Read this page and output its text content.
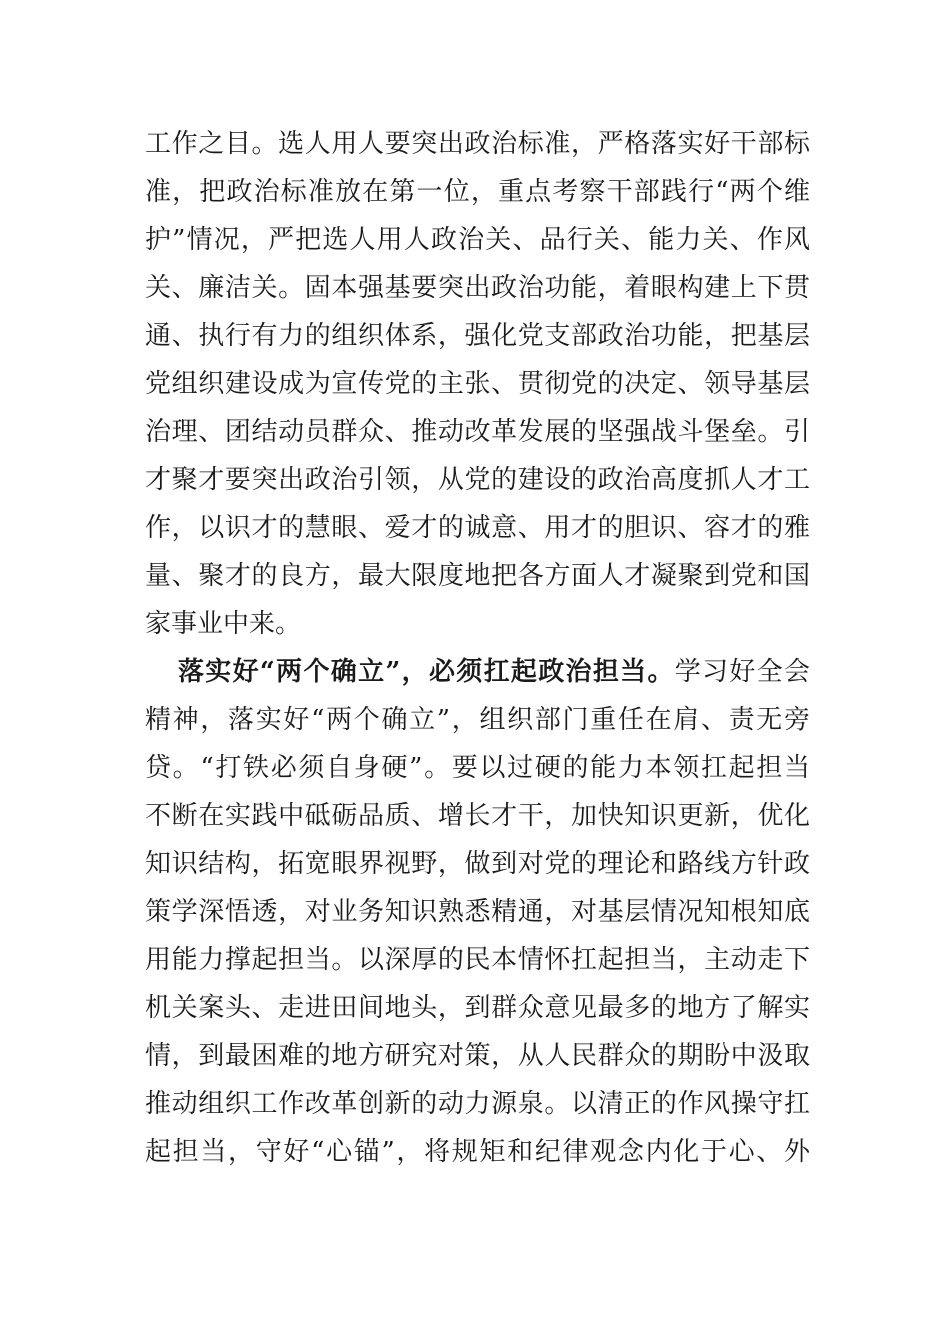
工作之目。选人用人要突出政治标准，严格落实好干部标
准，把政治标准放在第一位，重点考察干部践行“两个维
护”情况，严把选人用人政治关、品行关、能力关、作风
关、廉洁关。固本强基要突出政治功能，着眼构建上下贯
通、执行有力的组织体系，强化党支部政治功能，把基层
党组织建设成为宣传党的主张、贯彻党的决定、领导基层
治理、团结动员群众、推动改革发展的坚强战斗堡垒。引
才聚才要突出政治引领，从党的建设的政治高度抓人才工
作，以识才的慧眼、爱才的诚意、用才的胆识、容才的雅
量、聚才的良方，最大限度地把各方面人才凝聚到党和国
家事业中来。
落实好“两个确立”，必须扛起政治担当。学习好全会
精神，落实好“两个确立”，组织部门重任在肩、责无旁
贷。“打铁必须自身硬”。要以过硬的能力本领扛起担当
不断在实践中砥砺品质、增长才干，加快知识更新，优化
知识结构，拓宽眼界视野，做到对党的理论和路线方针政
策学深悟透，对业务知识熟悉精通，对基层情况知根知底
用能力撑起担当。以深厚的民本情怀扛起担当，主动走下
机关案头、走进田间地头，到群众意见最多的地方了解实
情，到最困难的地方研究对策，从人民群众的期盼中汲取
推动组织工作改革创新的动力源泉。以清正的作风操守扛
起担当，守好“心锚”，将规矩和纪律观念内化于心、外
